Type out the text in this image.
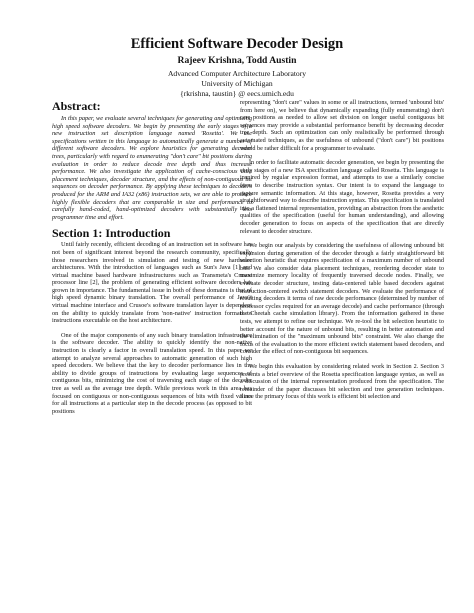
Efficient Software Decoder Design
Rajeev Krishna, Todd Austin
Advanced Computer Architecture Laboratory
University of Michigan
{rkrishna, taustin} @ eecs.umich.edu
Abstract:

In this paper, we evaluate several techniques for generating and optimizing high speed software decoders. We begin by presenting the early stages of a new instruction set description language named 'Rosetta'. We use specifications written in this language to automatically generate a number of different software decoders. We explore heuristics for generating decoder trees, particularly with regard to enumerating "don't care" bit positions during evaluation in order to reduce decode tree depth and thus increase performance. We also investigate the application of cache-conscious data placement techniques, decoder structure, and the effects of non-contiguous bit sequences on decoder performance. By applying these techniques to decoders produced for the ARM and IA32 (x86) instruction sets, we are able to produce highly flexible decoders that are comparable in size and performance to carefully hand-coded, hand-optimized decoders with substantially less programmer time and effort.

Section 1: Introduction

Until fairly recently, efficient decoding of an instruction set in software has not been of significant interest beyond the research community, specifically those researchers involved in simulation and testing of new hardware architectures. With the introduction of languages such as Sun's Java [1] and virtual machine based hardware infrastructures such as Transmeta's Crusoe processor line [2], the problem of generating efficient software decoders has grown in importance. The fundamental issue in both of these domains is that of high speed dynamic binary translation. The overall performance of Java's virtual machine interface and Crusoe's software translation layer is dependent on the ability to quickly translate from 'non-native' instruction formats to instructions executable on the host architecture.

One of the major components of any such binary translation infrastructure is the software decoder. The ability to quickly identify the non-native instruction is clearly a factor in overall translation speed. In this paper we attempt to analyze several approaches to automatic generation of such high speed decoders. We believe that the key to decoder performance lies in the ability to divide groups of instructions by evaluating large sequences of contiguous bits, minimizing the cost of traversing each stage of the decoder tree as well as the average tree depth. While previous work in this area has focused on contiguous or non-contiguous sequences of bits with fixed values for all instructions at a particular step in the decode process (as opposed to bit positions

representing "don't care" values in some or all instructions, termed 'unbound bits' from here on), we believe that dynamically expanding (fully enumerating) don't care positions as needed to allow set division on longer useful contiguous bit sequences may provide a substantial performance benefit by decreasing decoder tree depth. Such an optimization can only realistically be performed through automated techniques, as the usefulness of unbound ("don't care") bit positions would be rather difficult for a programmer to evaluate.

In order to facilitate automatic decoder generation, we begin by presenting the early stages of a new ISA specification language called Rosetta. This language is inspired by regular expression format, and attempts to use a similarly concise form to describe instruction syntax. Our intent is to expand the language to capture semantic information. At this stage, however, Rosetta provides a very straightforward way to describe instruction syntax. This specification is translated into a flattened internal representation, providing an abstraction from the aesthetic qualities of the specification (useful for human understanding), and allowing decoder generation to focus on aspects of the specification that are directly relevant to decoder structure.

We begin our analysis by considering the usefulness of allowing unbound bit expansion during generation of the decoder through a fairly straightforward bit selection heuristic that requires specification of a maximum number of unbound bits. We also consider data placement techniques, reordering decoder state to maximize memory locality of frequently traversed decode nodes. Finally, we evaluate decoder structure, testing data-centered table based decoders against instruction-centered switch statement decoders. We evaluate the performance of resulting decoders it terms of raw decode performance (determined by number of processor cycles required for an average decode) and cache performance (through the Cheetah cache simulation library). From the information gathered in these tests, we attempt to refine our technique. We re-tool the bit selection heuristic to better account for the nature of unbound bits, resulting in better automation and the elimination of the "maximum unbound bits" constraint. We also change the focus of the evaluation to the more efficient switch statement based decoders, and consider the effect of non-contiguous bit sequences.

We begin this evaluation by considering related work in Section 2. Section 3 presents a brief overview of the Rosetta specification language syntax, as well as a discussion of the internal representation produced from the specification. The remainder of the paper discusses bit selection and tree generation techniques. Since the primary focus of this work is efficient bit selection and
